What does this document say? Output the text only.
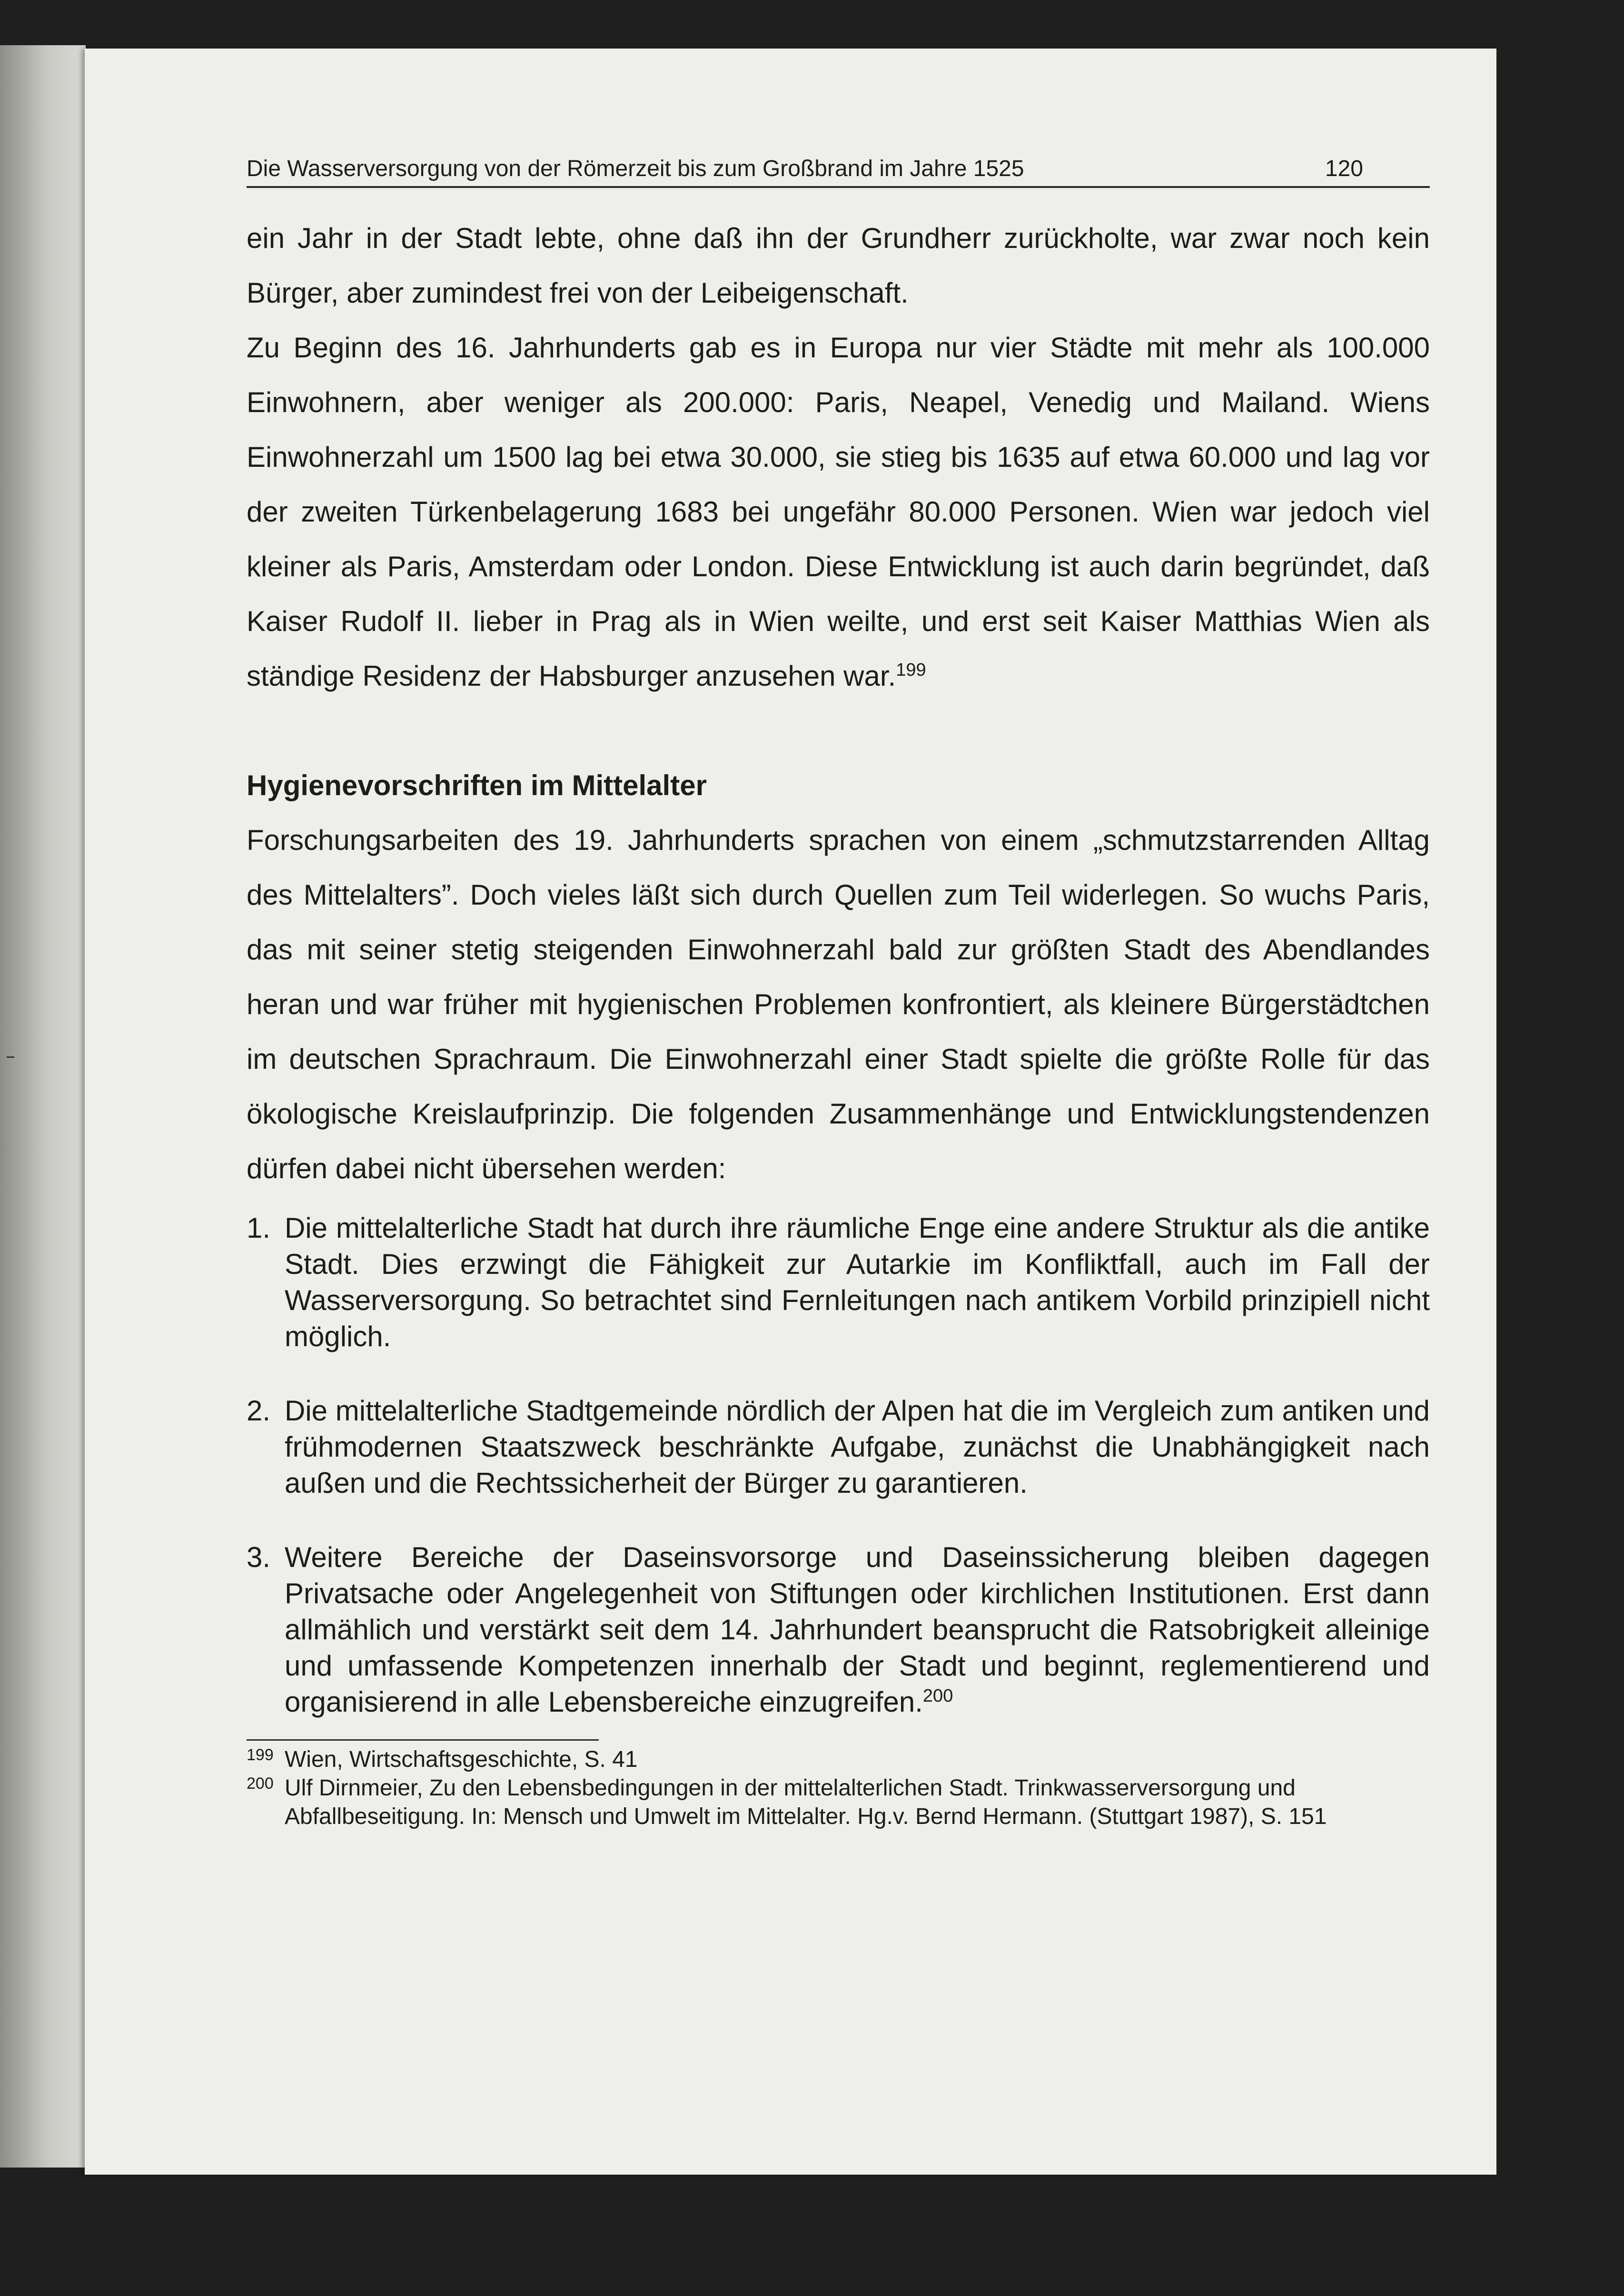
Die Wasserversorgung von der Römerzeit bis zum Großbrand im Jahre 1525	120

ein Jahr in der Stadt lebte, ohne daß ihn der Grundherr zurückholte, war zwar noch kein Bürger, aber zumindest frei von der Leibeigenschaft.

Zu Beginn des 16. Jahrhunderts gab es in Europa nur vier Städte mit mehr als 100.000 Einwohnern, aber weniger als 200.000: Paris, Neapel, Venedig und Mailand. Wiens Einwohnerzahl um 1500 lag bei etwa 30.000, sie stieg bis 1635 auf etwa 60.000 und lag vor der zweiten Türkenbelagerung 1683 bei ungefähr 80.000 Personen. Wien war jedoch viel kleiner als Paris, Amsterdam oder London. Diese Entwicklung ist auch darin begründet, daß Kaiser Rudolf II. lieber in Prag als in Wien weilte, und erst seit Kaiser Matthias Wien als ständige Residenz der Habsburger anzusehen war.$^{199}$

Hygienevorschriften im Mittelalter

Forschungsarbeiten des 19. Jahrhunderts sprachen von einem „schmutzstarrenden Alltag des Mittelalters”. Doch vieles läßt sich durch Quellen zum Teil widerlegen. So wuchs Paris, das mit seiner stetig steigenden Einwohnerzahl bald zur größten Stadt des Abendlandes heran und war früher mit hygienischen Problemen konfrontiert, als kleinere Bürgerstädtchen im deutschen Sprachraum. Die Einwohnerzahl einer Stadt spielte die größte Rolle für das ökologische Kreislaufprinzip. Die folgenden Zusammenhänge und Entwicklungstendenzen dürfen dabei nicht übersehen werden:

1. Die mittelalterliche Stadt hat durch ihre räumliche Enge eine andere Struktur als die antike Stadt. Dies erzwingt die Fähigkeit zur Autarkie im Konfliktfall, auch im Fall der Wasserversorgung. So betrachtet sind Fernleitungen nach antikem Vorbild prinzipiell nicht möglich.
2. Die mittelalterliche Stadtgemeinde nördlich der Alpen hat die im Vergleich zum antiken und frühmodernen Staatszweck beschränkte Aufgabe, zunächst die Unabhängigkeit nach außen und die Rechtssicherheit der Bürger zu garantieren.
3. Weitere Bereiche der Daseinsvorsorge und Daseinssicherung bleiben dagegen Privatsache oder Angelegenheit von Stiftungen oder kirchlichen Institutionen. Erst dann allmählich und verstärkt seit dem 14. Jahrhundert beansprucht die Ratsobrigkeit alleinige und umfassende Kompetenzen innerhalb der Stadt und beginnt, reglementierend und organisierend in alle Lebensbereiche einzugreifen.$^{200}$
199 Wien, Wirtschaftsgeschichte, S. 41
200 Ulf Dirnmeier, Zu den Lebensbedingungen in der mittelalterlichen Stadt. Trinkwasserversorgung und Abfallbeseitigung. In: Mensch und Umwelt im Mittelalter. Hg.v. Bernd Hermann. (Stuttgart 1987), S. 151
